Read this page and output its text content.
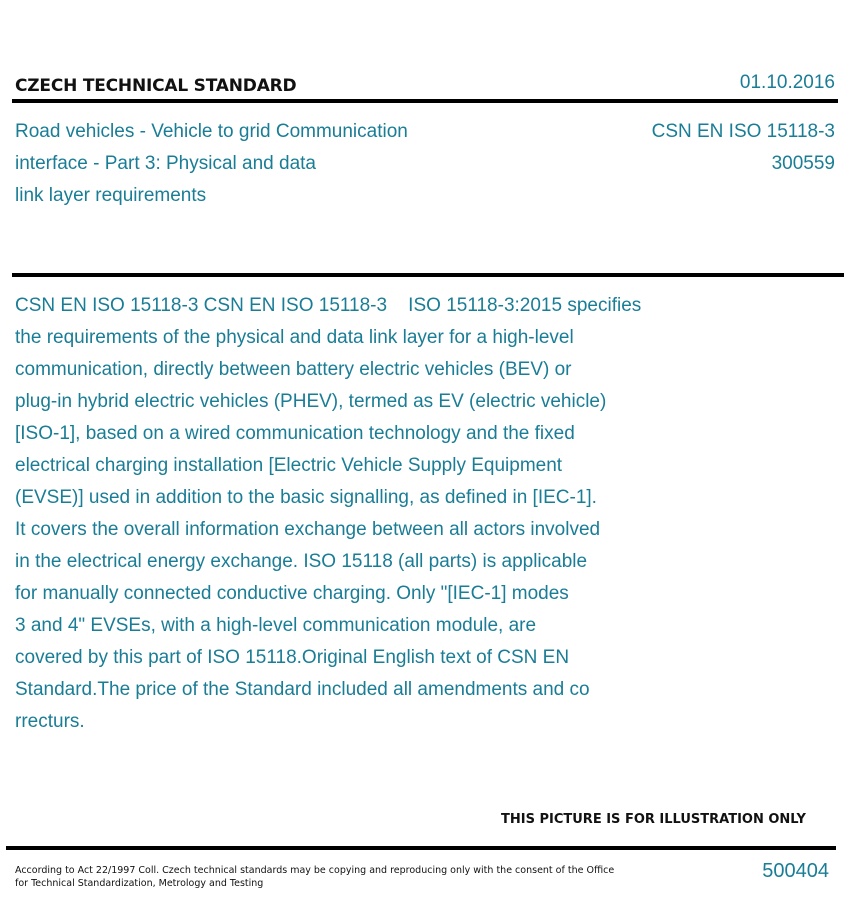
CZECH TECHNICAL STANDARD	01.10.2016
Road vehicles - Vehicle to grid Communication
interface - Part 3: Physical and data
link layer requirements
CSN EN ISO 15118-3
300559
CSN EN ISO 15118-3 CSN EN ISO 15118-3    ISO 15118-3:2015 specifies
the requirements of the physical and data link layer for a high-level
communication, directly between battery electric vehicles (BEV) or
plug-in hybrid electric vehicles (PHEV), termed as EV (electric vehicle)
[ISO-1], based on a wired communication technology and the fixed
electrical charging installation [Electric Vehicle Supply Equipment
(EVSE)] used in addition to the basic signalling, as defined in [IEC-1].
It covers the overall information exchange between all actors involved
in the electrical energy exchange. ISO 15118 (all parts) is applicable
for manually connected conductive charging. Only "[IEC-1] modes
3 and 4" EVSEs, with a high-level communication module, are
covered by this part of ISO 15118.Original English text of CSN EN
Standard.The price of the Standard included all amendments and co
rrecturs.
THIS PICTURE IS FOR ILLUSTRATION ONLY
According to Act 22/1997 Coll. Czech technical standards may be copying and reproducing only with the consent of the Office
for Technical Standardization, Metrology and Testing
500404
